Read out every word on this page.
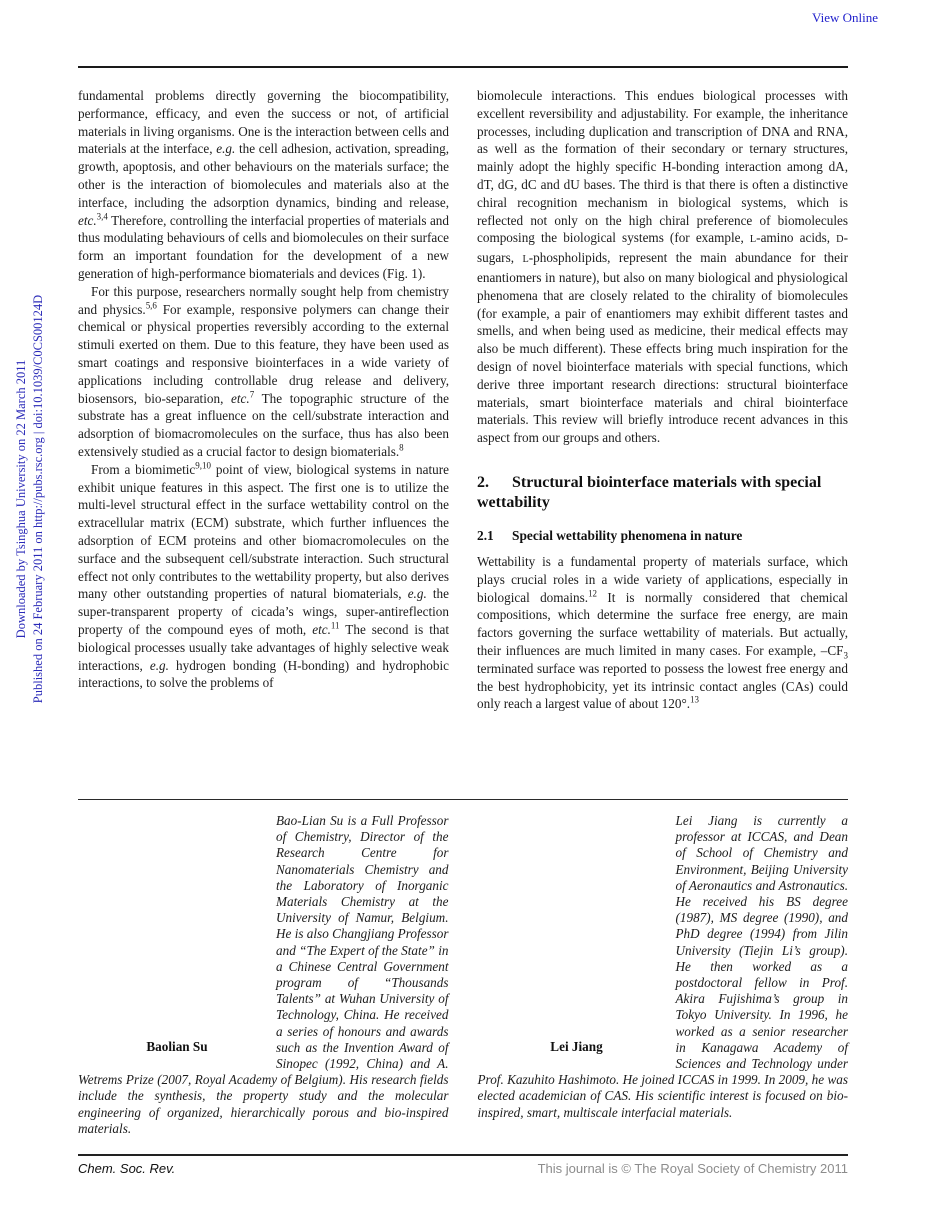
View Online
Downloaded by Tsinghua University on 22 March 2011 Published on 24 February 2011 on http://pubs.rsc.org | doi:10.1039/C0CS00124D

fundamental problems directly governing the biocompatibility, performance, efficacy, and even the success or not, of artificial materials in living organisms. One is the interaction between cells and materials at the interface, e.g. the cell adhesion, activation, spreading, growth, apoptosis, and other behaviours on the materials surface; the other is the interaction of biomolecules and materials also at the interface, including the adsorption dynamics, binding and release, etc.$^{3,4}$ Therefore, controlling the interfacial properties of materials and thus modulating behaviours of cells and biomolecules on their surface form an important foundation for the development of a new generation of high-performance biomaterials and devices (Fig. 1).

For this purpose, researchers normally sought help from chemistry and physics.$^{5,6}$ For example, responsive polymers can change their chemical or physical properties reversibly according to the external stimuli exerted on them. Due to this feature, they have been used as smart coatings and responsive biointerfaces in a wide variety of applications including controllable drug release and delivery, biosensors, bio-separation, etc.$^7$ The topographic structure of the substrate has a great influence on the cell/substrate interaction and adsorption of biomacromolecules on the surface, thus has also been extensively studied as a crucial factor to design biomaterials.$^8$

From a biomimetic$^{9,10}$ point of view, biological systems in nature exhibit unique features in this aspect. The first one is to utilize the multi-level structural effect in the surface wettability control on the extracellular matrix (ECM) substrate, which further influences the adsorption of ECM proteins and other biomacromolecules on the surface and the subsequent cell/substrate interaction. Such structural effect not only contributes to the wettability property, but also derives many other outstanding properties of natural biomaterials, e.g. the super-transparent property of cicada’s wings, super-antireflection property of the compound eyes of moth, etc.$^{11}$ The second is that biological processes usually take advantages of highly selective weak interactions, e.g. hydrogen bonding (H-bonding) and hydrophobic interactions, to solve the problems of

biomolecule interactions. This endues biological processes with excellent reversibility and adjustability. For example, the inheritance processes, including duplication and transcription of DNA and RNA, as well as the formation of their secondary or ternary structures, mainly adopt the highly specific H-bonding interaction among dA, dT, dG, dC and dU bases. The third is that there is often a distinctive chiral recognition mechanism in biological systems, which is reflected not only on the high chiral preference of biomolecules composing the biological systems (for example, L-amino acids, D-sugars, L-phospholipids, represent the main abundance for their enantiomers in nature), but also on many biological and physiological phenomena that are closely related to the chirality of biomolecules (for example, a pair of enantiomers may exhibit different tastes and smells, and when being used as medicine, their medical effects may also be much different). These effects bring much inspiration for the design of novel biointerface materials with special functions, which derive three important research directions: structural biointerface materials, smart biointerface materials and chiral biointerface materials. This review will briefly introduce recent advances in this aspect from our groups and others.

2. Structural biointerface materials with special wettability
2.1 Special wettability phenomena in nature

Wettability is a fundamental property of materials surface, which plays crucial roles in a wide variety of applications, especially in biological domains.$^{12}$ It is normally considered that chemical compositions, which determine the surface free energy, are main factors governing the surface wettability of materials. But actually, their influences are much limited in many cases. For example, $-CF_3$ terminated surface was reported to possess the lowest free energy and the best hydrophobicity, yet its intrinsic contact angles (CAs) could only reach a largest value of about 120°.$^{13}$

Baolian Su
Bao-Lian Su is a Full Professor of Chemistry, Director of the Research Centre for Nanomaterials Chemistry and the Laboratory of Inorganic Materials Chemistry at the University of Namur, Belgium. He is also Changjiang Professor and “The Expert of the State” in a Chinese Central Government program of “Thousands Talents” at Wuhan University of Technology, China. He received a series of honours and awards such as the Invention Award of Sinopec (1992, China) and A. Wetrems Prize (2007, Royal Academy of Belgium). His research fields include the synthesis, the property study and the molecular engineering of organized, hierarchically porous and bio-inspired materials.
Lei Jiang
Lei Jiang is currently a professor at ICCAS, and Dean of School of Chemistry and Environment, Beijing University of Aeronautics and Astronautics. He received his BS degree (1987), MS degree (1990), and PhD degree (1994) from Jilin University (Tiejin Li’s group). He then worked as a postdoctoral fellow in Prof. Akira Fujishima’s group in Tokyo University. In 1996, he worked as a senior researcher in Kanagawa Academy of Sciences and Technology under Prof. Kazuhito Hashimoto. He joined ICCAS in 1999. In 2009, he was elected academician of CAS. His scientific interest is focused on bio-inspired, smart, multiscale interfacial materials.
Chem. Soc. Rev.	This journal is © The Royal Society of Chemistry 2011
